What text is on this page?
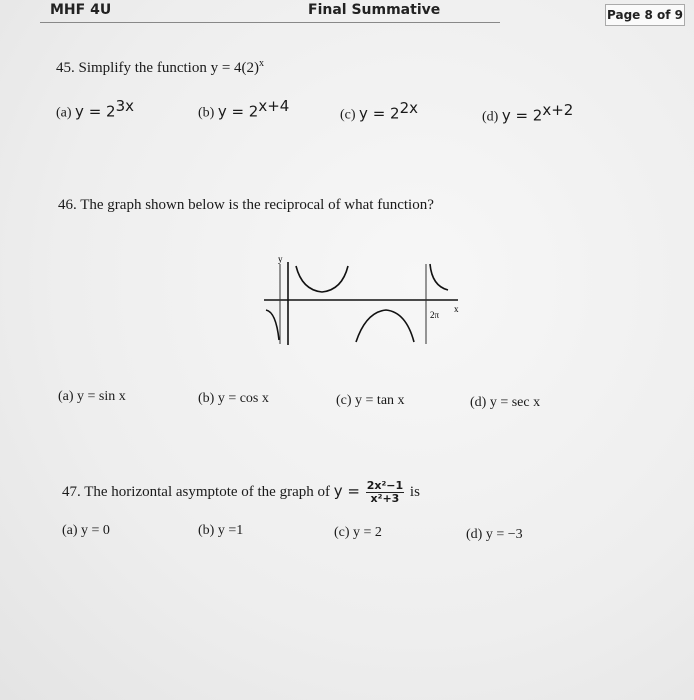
MHF 4U	Final Summative	Page 8 of 9
45. Simplify the function $y = 4(2)^x$
(a) $y = 2^{3x}$	(b) $y = 2^{x+4}$
(c) $y = 2^{2x}$
(d) $y = 2^{x+2}$
46. The graph shown below is the reciprocal of what function?
y
x
2π
(a) y = sin x	(b) y = cos x	(c) y = tan x	(d) y = sec x
47. The horizontal asymptote of the graph of $y = \frac{\text{2x²−1}}{\text{x²+3}}$ is
(a) y = 0	(b) y =1	(c) y = 2	(d) y = −3
